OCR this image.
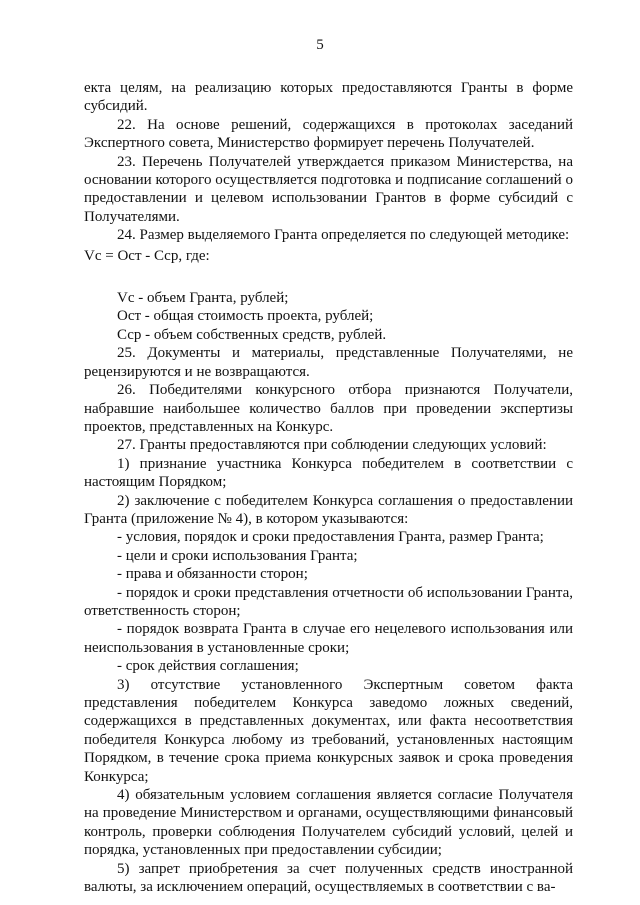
5

екта целям, на реализацию которых предоставляются Гранты в форме субсидий.

22. На основе решений, содержащихся в протоколах заседаний Экспертного совета, Министерство формирует перечень Получателей.

23. Перечень Получателей утверждается приказом Министерства, на основании которого осуществляется подготовка и подписание соглашений о предоставлении и целевом использовании Грантов в форме субсидий с Получателями.

24. Размер выделяемого Гранта определяется по следующей методике:

Vc = Ост - Сср, где:

Vc - объем Гранта, рублей;

Ост - общая стоимость проекта, рублей;

Сср - объем собственных средств, рублей.

25. Документы и материалы, представленные Получателями, не рецензируются и не возвращаются.

26. Победителями конкурсного отбора признаются Получатели, набравшие наибольшее количество баллов при проведении экспертизы проектов, представленных на Конкурс.

27. Гранты предоставляются при соблюдении следующих условий:

1) признание участника Конкурса победителем в соответствии с настоящим Порядком;

2) заключение с победителем Конкурса соглашения о предоставлении Гранта (приложение № 4), в котором указываются:

- условия, порядок и сроки предоставления Гранта, размер Гранта;

- цели и сроки использования Гранта;

- права и обязанности сторон;

- порядок и сроки представления отчетности об использовании Гранта, ответственность сторон;

- порядок возврата Гранта в случае его нецелевого использования или неиспользования в установленные сроки;

- срок действия соглашения;

3) отсутствие установленного Экспертным советом факта представления победителем Конкурса заведомо ложных сведений, содержащихся в представленных документах, или факта несоответствия победителя Конкурса любому из требований, установленных настоящим Порядком, в течение срока приема конкурсных заявок и срока проведения Конкурса;

4) обязательным условием соглашения является согласие Получателя на проведение Министерством и органами, осуществляющими финансовый контроль, проверки соблюдения Получателем субсидий условий, целей и порядка, установленных при предоставлении субсидии;

5) запрет приобретения за счет полученных средств иностранной валюты, за исключением операций, осуществляемых в соответствии с ва-
